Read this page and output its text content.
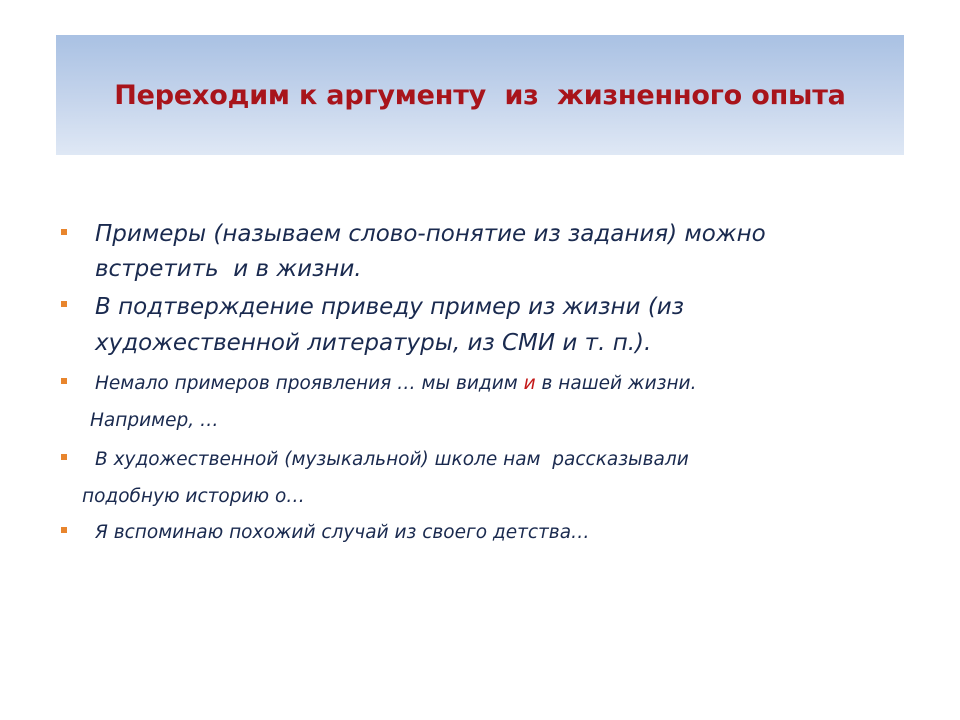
Переходим к аргументу  из  жизненного опыта
Примеры (называем слово-понятие из задания) можно
встретить  и в жизни.
В подтверждение приведу пример из жизни (из
художественной литературы, из СМИ и т. п.).
Немало примеров проявления … мы видим и в нашей жизни.
Например, …
В художественной (музыкальной) школе нам  рассказывали
подобную историю о…
Я вспоминаю похожий случай из своего детства…
